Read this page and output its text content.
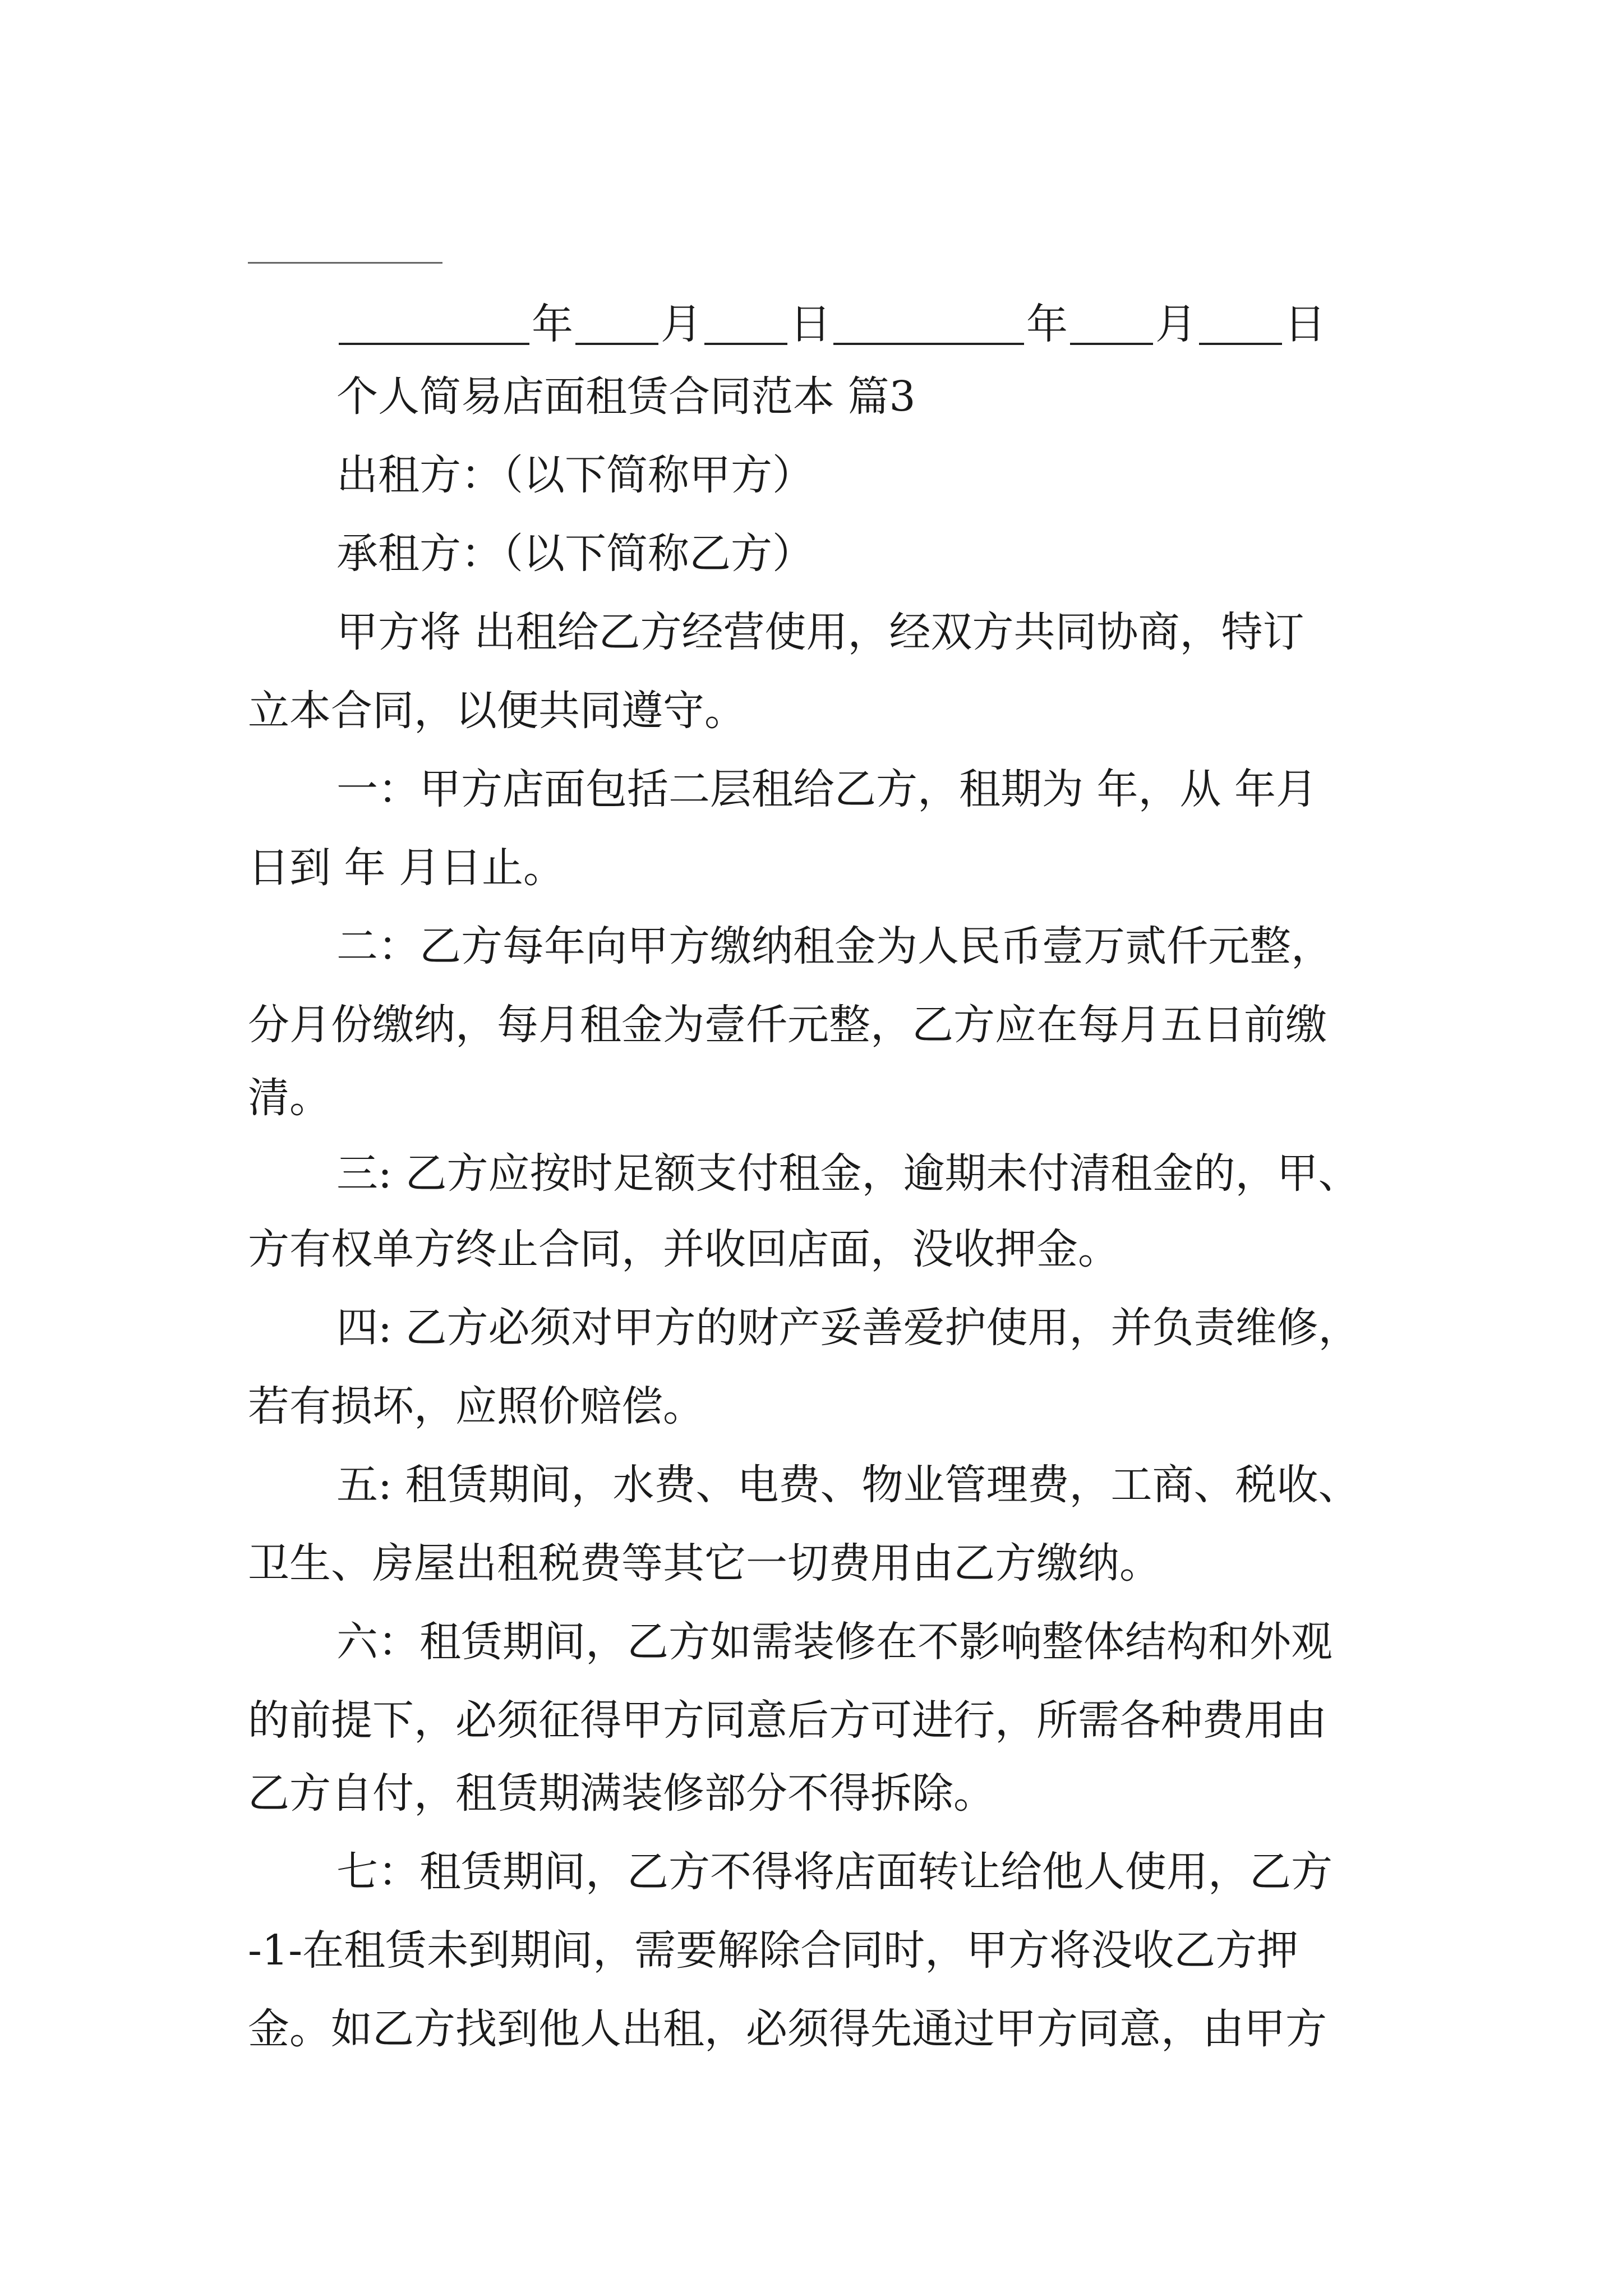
年 月 日	年 月 日
个人简易店面租赁合同范本 篇3
出租方：（以下简称甲方）
承租方：（以下简称乙方）
甲方将 出租给乙方经营使用，经双方共同协商，特订
立本合同，以便共同遵守。
一：甲方店面包括二层租给乙方，租期为 年，从 年月
日到 年 月日止。
二：乙方每年向甲方缴纳租金为人民币壹万贰仟元整，
分月份缴纳，每月租金为壹仟元整，乙方应在每月五日前缴
清。
三: 乙方应按时足额支付租金，逾期未付清租金的，甲、
方有权单方终止合同，并收回店面，没收押金。
四: 乙方必须对甲方的财产妥善爱护使用，并负责维修，
若有损坏，应照价赔偿。
五: 租赁期间，水费、电费、物业管理费，工商、税收、
卫生、房屋出租税费等其它一切费用由乙方缴纳。
六：租赁期间，乙方如需装修在不影响整体结构和外观
的前提下，必须征得甲方同意后方可进行，所需各种费用由
乙方自付，租赁期满装修部分不得拆除。
七：租赁期间，乙方不得将店面转让给他人使用，乙方
-1-在租赁未到期间，需要解除合同时，甲方将没收乙方押
金。如乙方找到他人出租，必须得先通过甲方同意，由甲方
